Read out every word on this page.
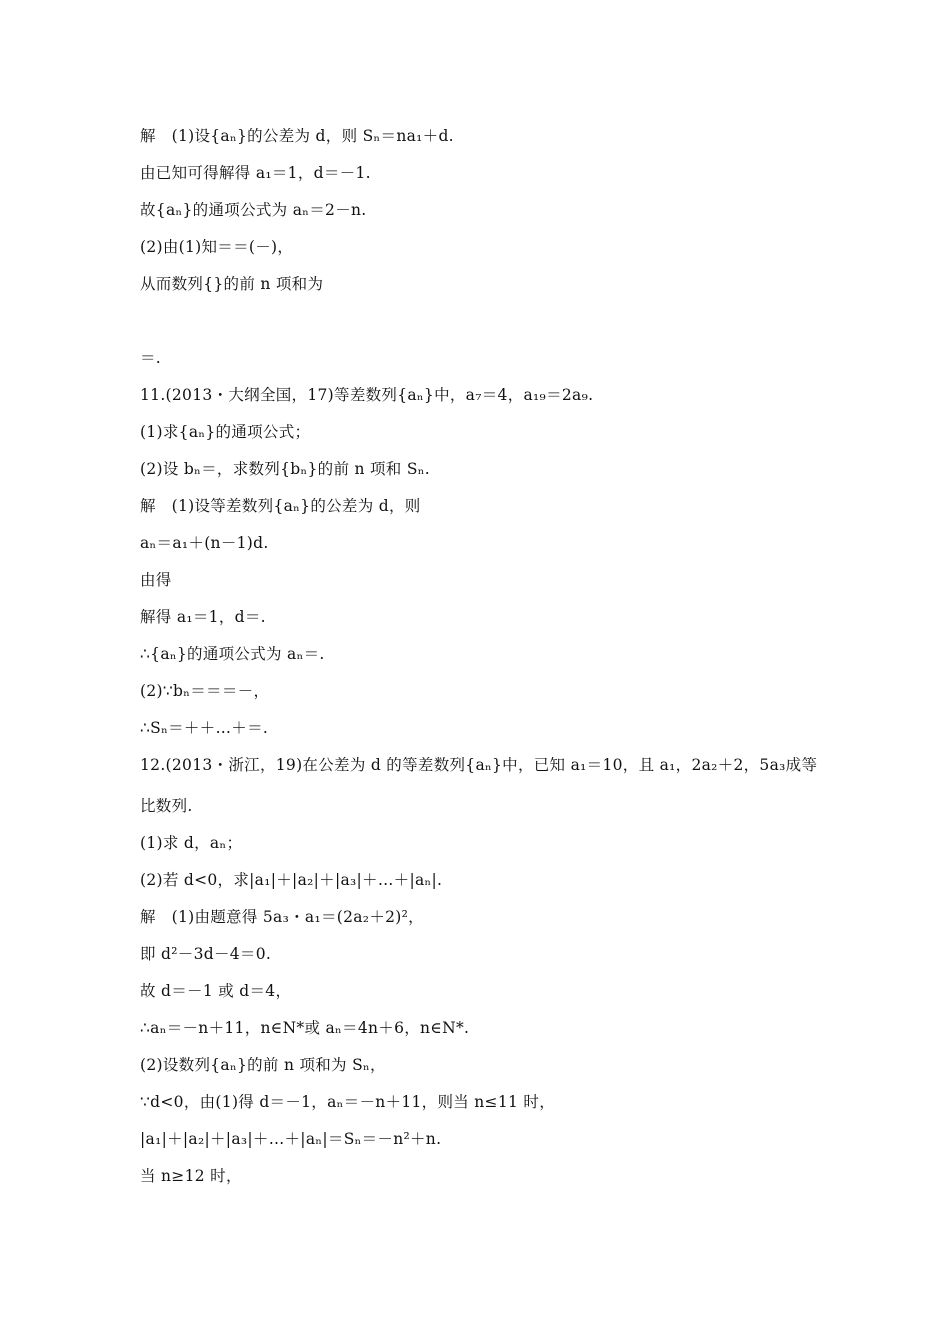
解　(1)设{aₙ}的公差为 d，则 Sₙ＝na₁＋d.

由已知可得解得 a₁＝1，d＝－1.

故{aₙ}的通项公式为 aₙ＝2－n.

(2)由(1)知＝＝(－)，

从而数列{}的前 n 项和为

＝.

11.(2013・大纲全国，17)等差数列{aₙ}中，a₇＝4，a₁₉＝2a₉.

(1)求{aₙ}的通项公式；

(2)设 bₙ＝，求数列{bₙ}的前 n 项和 Sₙ.

解　(1)设等差数列{aₙ}的公差为 d，则

aₙ＝a₁＋(n－1)d.

由得

解得 a₁＝1，d＝.

∴{aₙ}的通项公式为 aₙ＝.

(2)∵bₙ＝＝＝－，

∴Sₙ＝＋＋…＋＝.

12.(2013・浙江，19)在公差为 d 的等差数列{aₙ}中，已知 a₁＝10，且 a₁，2a₂＋2，5a₃成等

比数列.

(1)求 d，aₙ；

(2)若 d<0，求|a₁|＋|a₂|＋|a₃|＋…＋|aₙ|.

解　(1)由题意得 5a₃・a₁＝(2a₂＋2)²，

即 d²－3d－4＝0.

故 d＝－1 或 d＝4，

∴aₙ＝－n＋11，n∈N*或 aₙ＝4n＋6，n∈N*.

(2)设数列{aₙ}的前 n 项和为 Sₙ，

∵d<0，由(1)得 d＝－1，aₙ＝－n＋11，则当 n≤11 时，

|a₁|＋|a₂|＋|a₃|＋…＋|aₙ|＝Sₙ＝－n²＋n.

当 n≥12 时，
